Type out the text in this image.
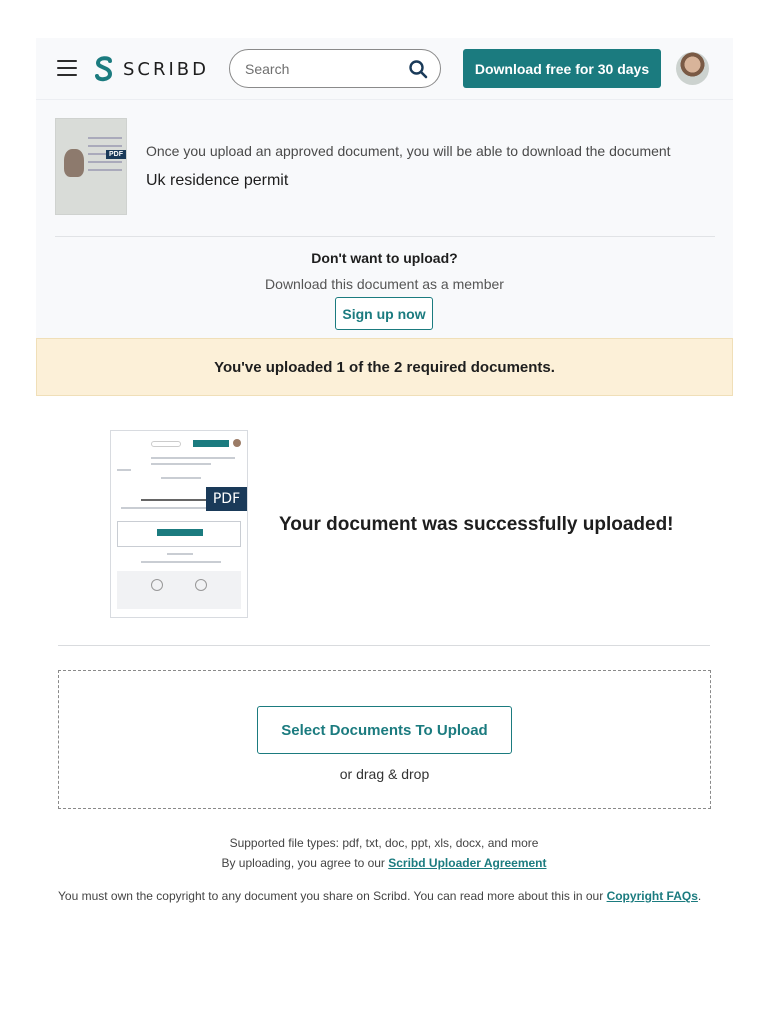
SCRIBD
Search	Download free for 30 days
PDF Once you upload an approved document, you will be able to download the document
Uk residence permit
Don't want to upload?
Download this document as a member
Sign up now
You've uploaded 1 of the 2 required documents.
PDF
Your document was successfully uploaded!
Select Documents To Upload
or drag & drop
Supported file types: pdf, txt, doc, ppt, xls, docx, and more
By uploading, you agree to our Scribd Uploader Agreement
You must own the copyright to any document you share on Scribd. You can read more about this in our Copyright FAQs.
